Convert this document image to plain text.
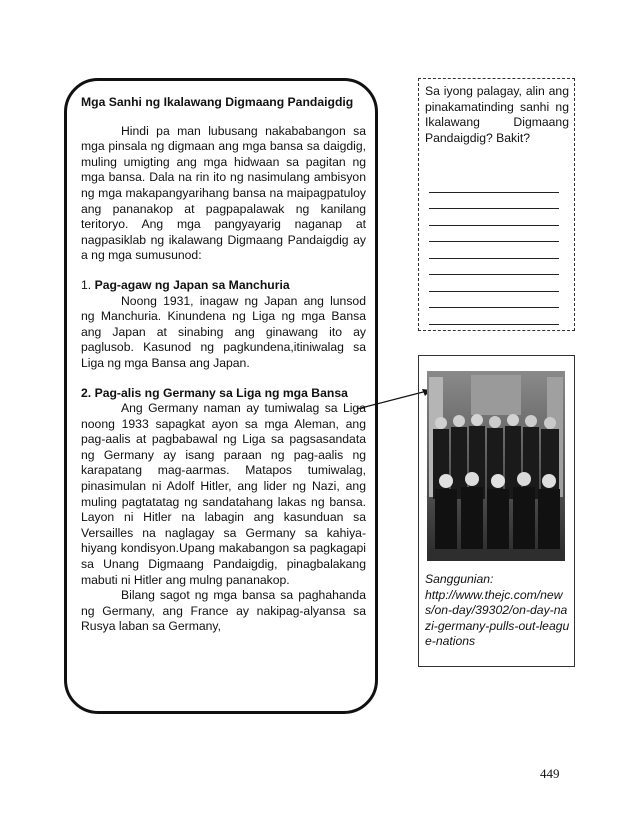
Mga Sanhi ng Ikalawang Digmaang Pandaigdig

Hindi pa man lubusang nakababangon sa mga pinsala ng digmaan ang mga bansa sa daigdig, muling umigting ang mga hidwaan sa pagitan ng mga bansa. Dala na rin ito ng nasimulang ambisyon ng mga makapangyarihang bansa na maipagpatuloy ang pananakop at pagpapalawak ng kanilang teritoryo. Ang mga pangyayarig naganap at nagpasiklab ng ikalawang Digmaang Pandaigdig ay a ng mga sumusunod:

1. Pag-agaw ng Japan sa Manchuria

Noong 1931, inagaw ng Japan ang lunsod ng Manchuria. Kinundena ng Liga ng mga Bansa ang Japan at sinabing ang ginawang ito ay paglusob. Kasunod ng pagkundena,itiniwalag sa Liga ng mga Bansa ang Japan.

2. Pag-alis ng Germany sa Liga ng mga Bansa

Ang Germany naman ay tumiwalag sa Liga noong 1933 sapagkat ayon sa mga Aleman, ang pag-aalis at pagbabawal ng Liga sa pagsasandata ng Germany ay isang paraan ng pag-aalis ng karapatang mag-aarmas. Matapos tumiwalag, pinasimulan ni Adolf Hitler, ang lider ng Nazi, ang muling pagtatatag ng sandatahang lakas ng bansa. Layon ni Hitler na labagin ang kasunduan sa Versailles na naglagay sa Germany sa kahiya-hiyang kondisyon.Upang makabangon sa pagkagapi sa Unang Digmaang Pandaigdig, pinagbalakang mabuti ni Hitler ang mulng pananakop.

Bilang sagot ng mga bansa sa paghahanda ng Germany, ang France ay nakipag-alyansa sa Rusya laban sa Germany,

Sa iyong palagay, alin ang pinakamatinding sanhi ng Ikalawang Digmaang Pandaigdig? Bakit?
Sanggunian:
http://www.thejc.com/news/on-day/39302/on-day-nazi-germany-pulls-out-league-nations
449
